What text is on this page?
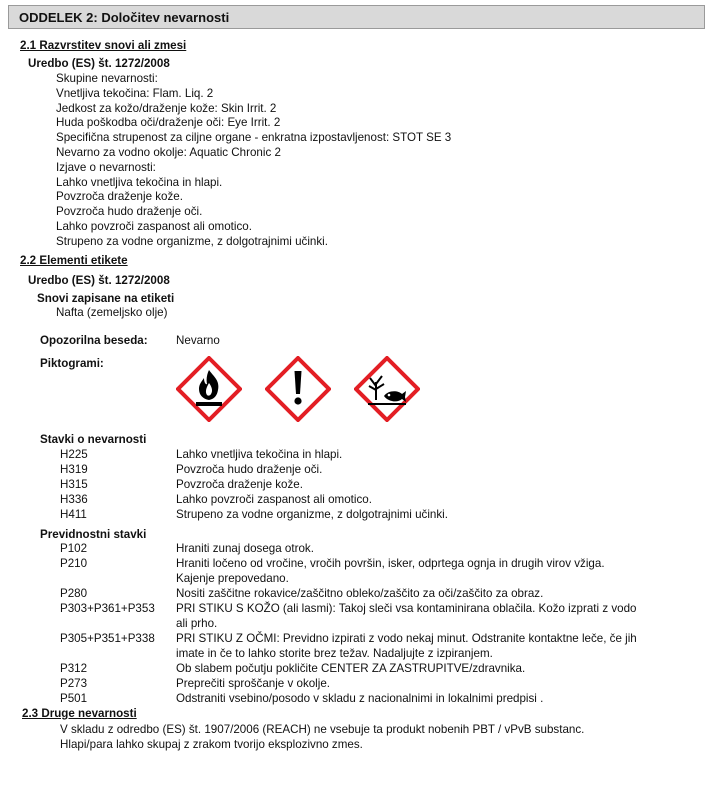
ODDELEK 2: Določitev nevarnosti
2.1 Razvrstitev snovi ali zmesi
Uredbo (ES) št. 1272/2008
Skupine nevarnosti:
Vnetljiva tekočina: Flam. Liq. 2
Jedkost za kožo/draženje kože: Skin Irrit. 2
Huda poškodba oči/draženje oči: Eye Irrit. 2
Specifična strupenost za ciljne organe - enkratna izpostavljenost: STOT SE 3
Nevarno za vodno okolje: Aquatic Chronic 2
Izjave o nevarnosti:
Lahko vnetljiva tekočina in hlapi.
Povzroča draženje kože.
Povzroča hudo draženje oči.
Lahko povzroči zaspanost ali omotico.
Strupeno za vodne organizme, z dolgotrajnimi učinki.
2.2 Elementi etikete
Uredbo (ES) št. 1272/2008
Snovi zapisane na etiketi
Nafta (zemeljsko olje)
Opozorilna beseda: Nevarno
Piktogrami:
Stavki o nevarnosti
H225	Lahko vnetljiva tekočina in hlapi.
H319	Povzroča hudo draženje oči.
H315	Povzroča draženje kože.
H336	Lahko povzroči zaspanost ali omotico.
H411	Strupeno za vodne organizme, z dolgotrajnimi učinki.
Previdnostni stavki
P102	Hraniti zunaj dosega otrok.
P210	Hraniti ločeno od vročine, vročih površin, isker, odprtega ognja in drugih virov vžiga.
Kajenje prepovedano.
P280	Nositi zaščitne rokavice/zaščitno obleko/zaščito za oči/zaščito za obraz.
P303+P361+P353 PRI STIKU S KOŽO (ali lasmi): Takoj sleči vsa kontaminirana oblačila. Kožo izprati z vodo
ali prho.
P305+P351+P338 PRI STIKU Z OČMI: Previdno izpirati z vodo nekaj minut. Odstranite kontaktne leče, če jih
imate in če to lahko storite brez težav. Nadaljujte z izpiranjem.
P312	Ob slabem počutju pokličite CENTER ZA ZASTRUPITVE/zdravnika.
P273	Preprečiti sproščanje v okolje.
P501	Odstraniti vsebino/posodo v skladu z nacionalnimi in lokalnimi predpisi .
2.3 Druge nevarnosti
V skladu z odredbo (ES) št. 1907/2006 (REACH) ne vsebuje ta produkt nobenih PBT / vPvB substanc.
Hlapi/para lahko skupaj z zrakom tvorijo eksplozivno zmes.
